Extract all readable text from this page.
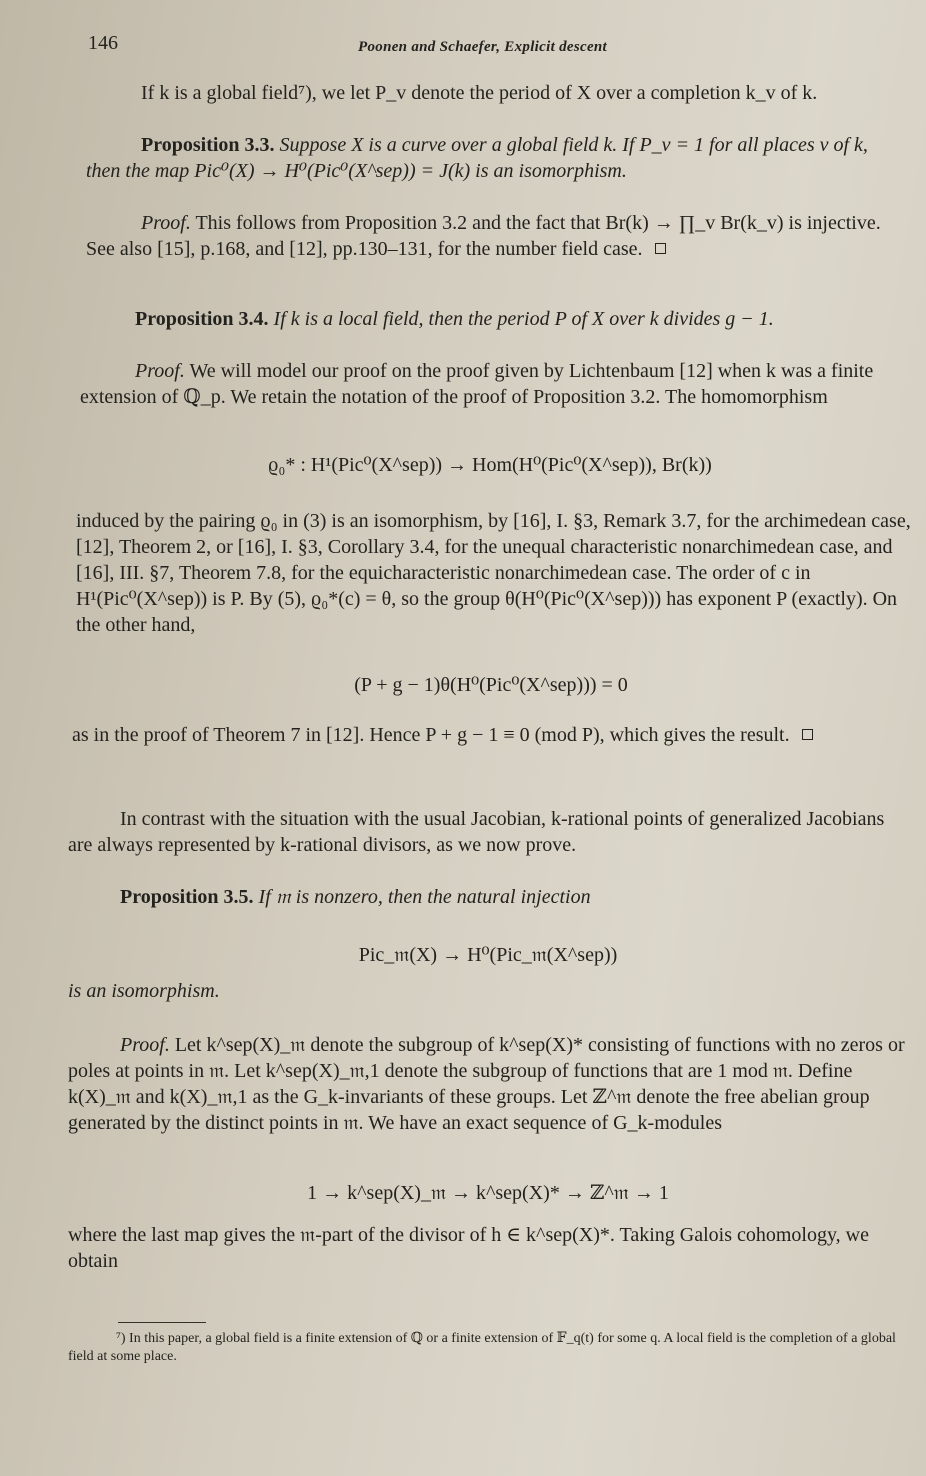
146	Poonen and Schaefer, Explicit descent

If k is a global field⁷), we let P_v denote the period of X over a completion k_v of k.

Proposition 3.3. Suppose X is a curve over a global field k. If P_v = 1 for all places v of k, then the map Pic⁰(X) → H⁰(Pic⁰(X^sep)) = J(k) is an isomorphism.

Proof. This follows from Proposition 3.2 and the fact that Br(k) → ∏_v Br(k_v) is injective. See also [15], p.168, and [12], pp.130–131, for the number field case.

Proposition 3.4. If k is a local field, then the period P of X over k divides g − 1.

Proof. We will model our proof on the proof given by Lichtenbaum [12] when k was a finite extension of ℚ_p. We retain the notation of the proof of Proposition 3.2. The homomorphism

ϱ₀* : H¹(Pic⁰(X^sep)) → Hom(H⁰(Pic⁰(X^sep)), Br(k))

induced by the pairing ϱ₀ in (3) is an isomorphism, by [16], I. §3, Remark 3.7, for the archimedean case, [12], Theorem 2, or [16], I. §3, Corollary 3.4, for the unequal characteristic nonarchimedean case, and [16], III. §7, Theorem 7.8, for the equicharacteristic nonarchimedean case. The order of c in H¹(Pic⁰(X^sep)) is P. By (5), ϱ₀*(c) = θ, so the group θ(H⁰(Pic⁰(X^sep))) has exponent P (exactly). On the other hand,

(P + g − 1)θ(H⁰(Pic⁰(X^sep))) = 0

as in the proof of Theorem 7 in [12]. Hence P + g − 1 ≡ 0 (mod P), which gives the result.

In contrast with the situation with the usual Jacobian, k-rational points of generalized Jacobians are always represented by k-rational divisors, as we now prove.

Proposition 3.5. If 𝔪 is nonzero, then the natural injection

Pic_𝔪(X) → H⁰(Pic_𝔪(X^sep))

is an isomorphism.

Proof. Let k^sep(X)_𝔪 denote the subgroup of k^sep(X)* consisting of functions with no zeros or poles at points in 𝔪. Let k^sep(X)_𝔪,1 denote the subgroup of functions that are 1 mod 𝔪. Define k(X)_𝔪 and k(X)_𝔪,1 as the G_k-invariants of these groups. Let ℤ^𝔪 denote the free abelian group generated by the distinct points in 𝔪. We have an exact sequence of G_k-modules

1 → k^sep(X)_𝔪 → k^sep(X)* → ℤ^𝔪 → 1

where the last map gives the 𝔪-part of the divisor of h ∈ k^sep(X)*. Taking Galois cohomology, we obtain

⁷) In this paper, a global field is a finite extension of ℚ or a finite extension of 𝔽_q(t) for some q. A local field is the completion of a global field at some place.
